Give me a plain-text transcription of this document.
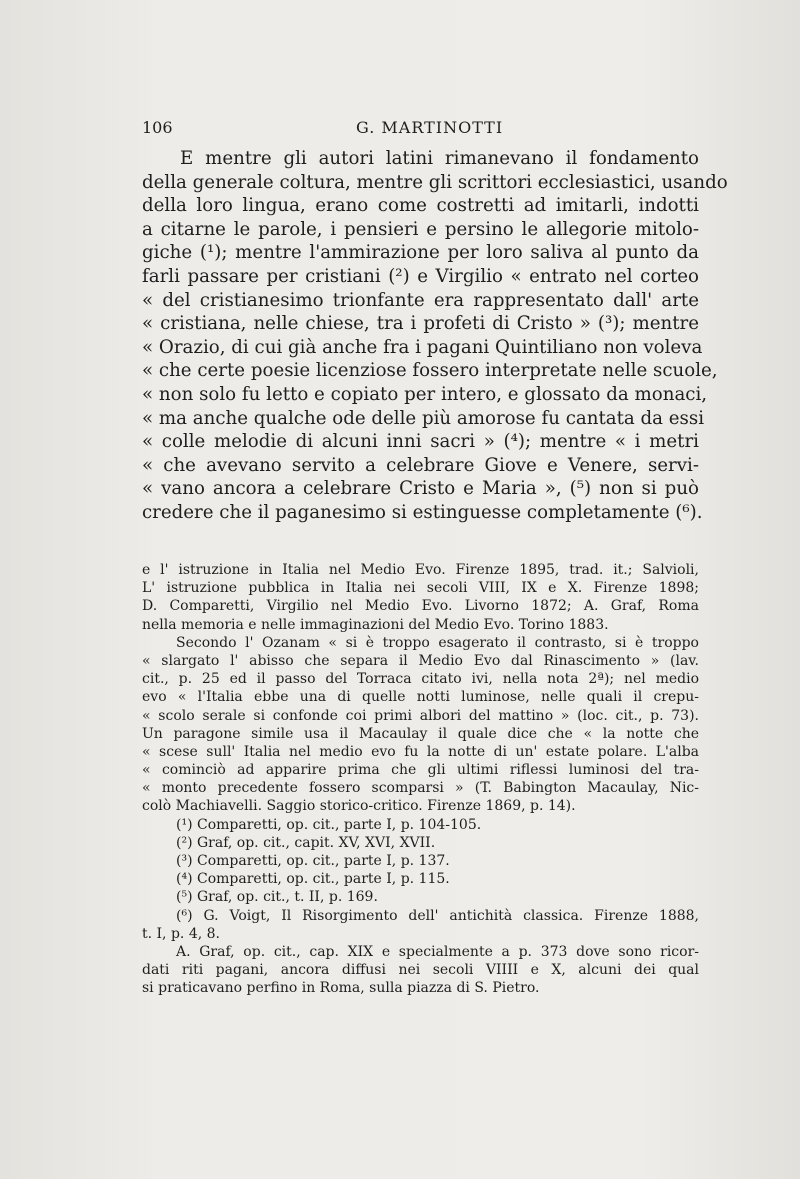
106	G. MARTINOTTI
E mentre gli autori latini rimanevano il fondamento
della generale coltura, mentre gli scrittori ecclesiastici, usando
della loro lingua, erano come costretti ad imitarli, indotti
a citarne le parole, i pensieri e persino le allegorie mitolo-
giche (¹); mentre l'ammirazione per loro saliva al punto da
farli passare per cristiani (²) e Virgilio « entrato nel corteo
« del cristianesimo trionfante era rappresentato dall' arte
« cristiana, nelle chiese, tra i profeti di Cristo » (³); mentre
« Orazio, di cui già anche fra i pagani Quintiliano non voleva
« che certe poesie licenziose fossero interpretate nelle scuole,
« non solo fu letto e copiato per intero, e glossato da monaci,
« ma anche qualche ode delle più amorose fu cantata da essi
« colle melodie di alcuni inni sacri » (⁴); mentre « i metri
« che avevano servito a celebrare Giove e Venere, servi-
« vano ancora a celebrare Cristo e Maria », (⁵) non si può
credere che il paganesimo si estinguesse completamente (⁶).
e l' istruzione in Italia nel Medio Evo. Firenze 1895, trad. it.; Salvioli,
L' istruzione pubblica in Italia nei secoli VIII, IX e X. Firenze 1898;
D. Comparetti, Virgilio nel Medio Evo. Livorno 1872; A. Graf, Roma
nella memoria e nelle immaginazioni del Medio Evo. Torino 1883.
Secondo l' Ozanam « si è troppo esagerato il contrasto, si è troppo
« slargato l' abisso che separa il Medio Evo dal Rinascimento » (lav.
cit., p. 25 ed il passo del Torraca citato ivi, nella nota 2ª); nel medio
evo « l'Italia ebbe una di quelle notti luminose, nelle quali il crepu-
« scolo serale si confonde coi primi albori del mattino » (loc. cit., p. 73).
Un paragone simile usa il Macaulay il quale dice che « la notte che
« scese sull' Italia nel medio evo fu la notte di un' estate polare. L'alba
« cominciò ad apparire prima che gli ultimi riflessi luminosi del tra-
« monto precedente fossero scomparsi » (T. Babington Macaulay, Nic-
colò Machiavelli. Saggio storico-critico. Firenze 1869, p. 14).
(¹) Comparetti, op. cit., parte I, p. 104-105.
(²) Graf, op. cit., capit. XV, XVI, XVII.
(³) Comparetti, op. cit., parte I, p. 137.
(⁴) Comparetti, op. cit., parte I, p. 115.
(⁵) Graf, op. cit., t. II, p. 169.
(⁶) G. Voigt, Il Risorgimento dell' antichità classica. Firenze 1888,
t. I, p. 4, 8.
A. Graf, op. cit., cap. XIX e specialmente a p. 373 dove sono ricor-
dati riti pagani, ancora diffusi nei secoli VIIII e X, alcuni dei qual
si praticavano perfino in Roma, sulla piazza di S. Pietro.
